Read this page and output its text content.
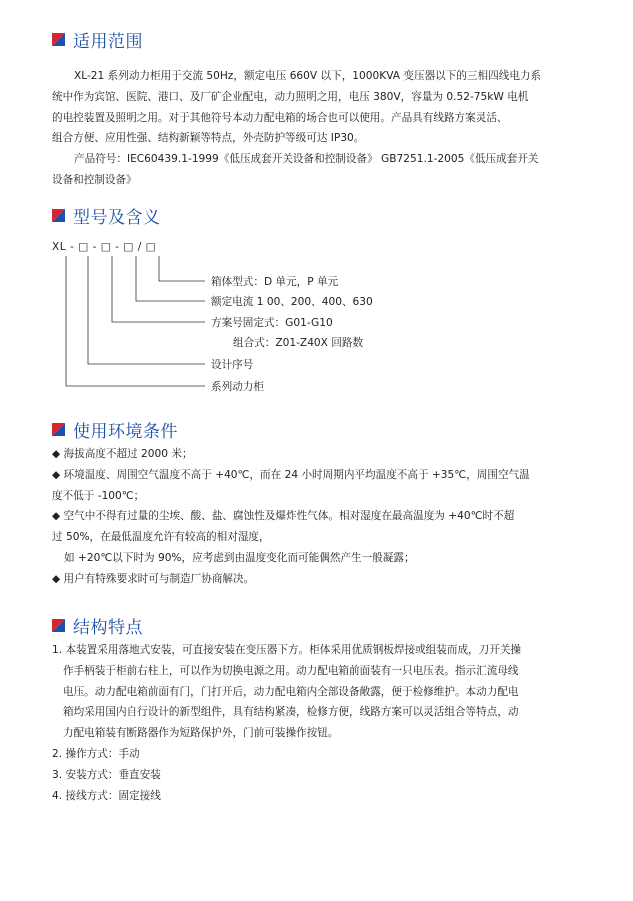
适用范围
XL-21 系列动力柜用于交流 50Hz，额定电压 660V 以下，1000KVA 变压器以下的三相四线电力系
统中作为宾馆、医院、港口、及厂矿企业配电，动力照明之用，电压 380V，容量为 0.52-75kW 电机
的电控装置及照明之用。对于其他符号本动力配电箱的场合也可以使用。产品具有线路方案灵活、
组合方便、应用性强、结构新颖等特点，外壳防护等级可达 IP30。
产品符号：IEC60439.1-1999《低压成套开关设备和控制设备》 GB7251.1-2005《低压成套开关
设备和控制设备》
型号及含义
XL - □ - □ - □ / □
箱体型式：D 单元，P 单元
额定电流 1 00、200、400、630
方案号固定式：G01-G10
组合式：Z01-Z40X 回路数
设计序号
系列动力柜
使用环境条件
◆ 海拔高度不超过 2000 米；
◆ 环境温度、周围空气温度不高于 +40℃，而在 24 小时周期内平均温度不高于 +35℃，周围空气温
度不低于 -100℃；
◆ 空气中不得有过量的尘埃、酸、盐、腐蚀性及爆炸性气体。相对湿度在最高温度为 +40℃时不超
过 50%，在最低温度允许有较高的相对湿度，
如 +20℃以下时为 90%，应考虑到由温度变化而可能偶然产生一般凝露；
◆ 用户有特殊要求时可与制造厂协商解决。
结构特点
1. 本装置采用落地式安装，可直接安装在变压器下方。柜体采用优质钢板焊接或组装而成，刀开关操
作手柄装于柜前右柱上，可以作为切换电源之用。动力配电箱前面装有一只电压表。指示汇流母线
电压。动力配电箱前面有门，门打开后，动力配电箱内全部设备敞露，便于检修维护。本动力配电
箱均采用国内自行设计的新型组件，具有结构紧凑，检修方便，线路方案可以灵活组合等特点，动
力配电箱装有断路器作为短路保护外，门前可装操作按钮。
2. 操作方式：手动
3. 安装方式：垂直安装
4. 接线方式：固定接线
